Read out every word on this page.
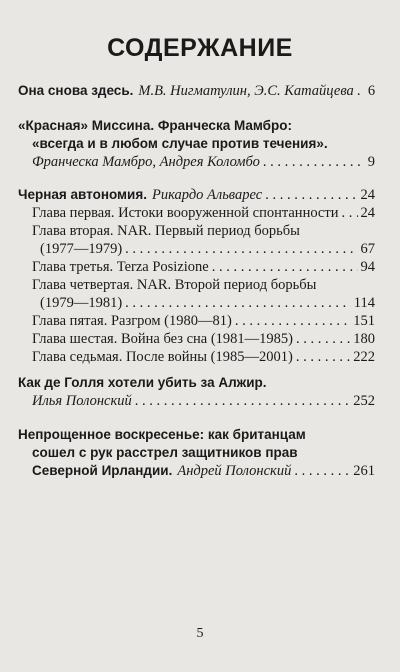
СОДЕРЖАНИЕ
Она снова здесь. М.В. Нигматулин, Э.С. Катайцева . . . 6
«Красная» Миссина. Франческа Мамбро:
«всегда и в любом случае против течения».
Франческа Мамбро, Андрея Коломбо . . .	9
Черная автономия. Рикардо Альварес . . .	24
Глава первая. Истоки вооруженной спонтанности . . . 24
Глава вторая. NAR. Первый период борьбы
(1977—1979) . . .	67
Глава третья. Terza Posizione . . .	94
Глава четвертая. NAR. Второй период борьбы
(1979—1981) . . .	114
Глава пятая. Разгром (1980—81) . . .	151
Глава шестая. Война без сна (1981—1985) . . .	180
Глава седьмая. После войны (1985—2001) . . .	222
Как де Голля хотели убить за Алжир.
Илья Полонский . . .	252
Непрощенное воскресенье: как британцам
сошел с рук расстрел защитников прав
Северной Ирландии. Андрей Полонский . . .	261
5
